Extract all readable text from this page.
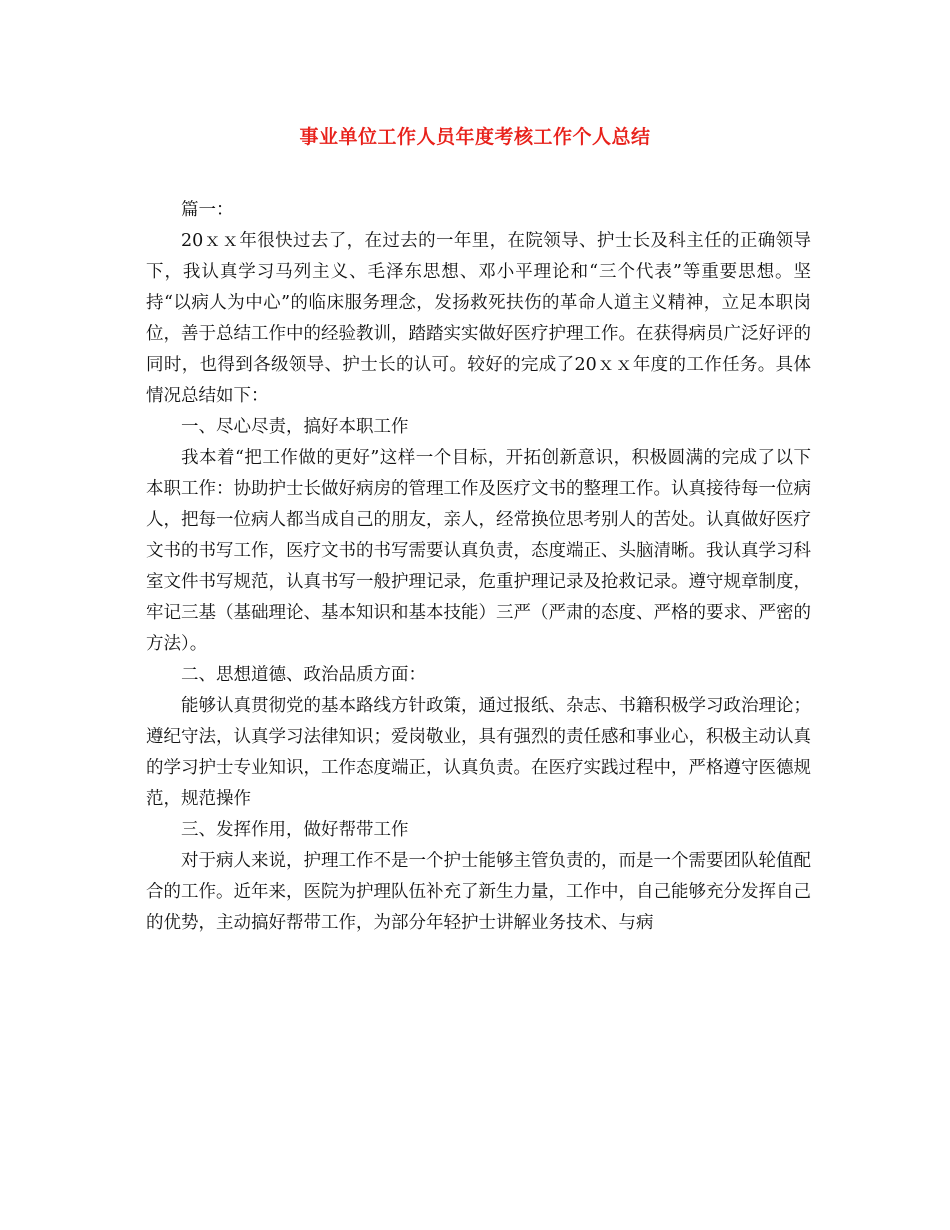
事业单位工作人员年度考核工作个人总结

篇一：

20ｘｘ年很快过去了，在过去的一年里，在院领导、护士长及科主任的正确领导下，我认真学习马列主义、毛泽东思想、邓小平理论和“三个代表”等重要思想。坚持“以病人为中心”的临床服务理念，发扬救死扶伤的革命人道主义精神，立足本职岗位，善于总结工作中的经验教训，踏踏实实做好医疗护理工作。在获得病员广泛好评的同时，也得到各级领导、护士长的认可。较好的完成了20ｘｘ年度的工作任务。具体情况总结如下：

一、尽心尽责，搞好本职工作

我本着“把工作做的更好”这样一个目标，开拓创新意识，积极圆满的完成了以下本职工作：协助护士长做好病房的管理工作及医疗文书的整理工作。认真接待每一位病人，把每一位病人都当成自己的朋友，亲人，经常换位思考别人的苦处。认真做好医疗文书的书写工作，医疗文书的书写需要认真负责，态度端正、头脑清晰。我认真学习科室文件书写规范，认真书写一般护理记录，危重护理记录及抢救记录。遵守规章制度，牢记三基（基础理论、基本知识和基本技能）三严（严肃的态度、严格的要求、严密的方法）。

二、思想道德、政治品质方面：

能够认真贯彻党的基本路线方针政策，通过报纸、杂志、书籍积极学习政治理论；遵纪守法，认真学习法律知识；爱岗敬业，具有强烈的责任感和事业心，积极主动认真的学习护士专业知识，工作态度端正，认真负责。在医疗实践过程中，严格遵守医德规范，规范操作

三、发挥作用，做好帮带工作

对于病人来说，护理工作不是一个护士能够主管负责的，而是一个需要团队轮值配合的工作。近年来，医院为护理队伍补充了新生力量，工作中，自己能够充分发挥自己的优势，主动搞好帮带工作，为部分年轻护士讲解业务技术、与病
